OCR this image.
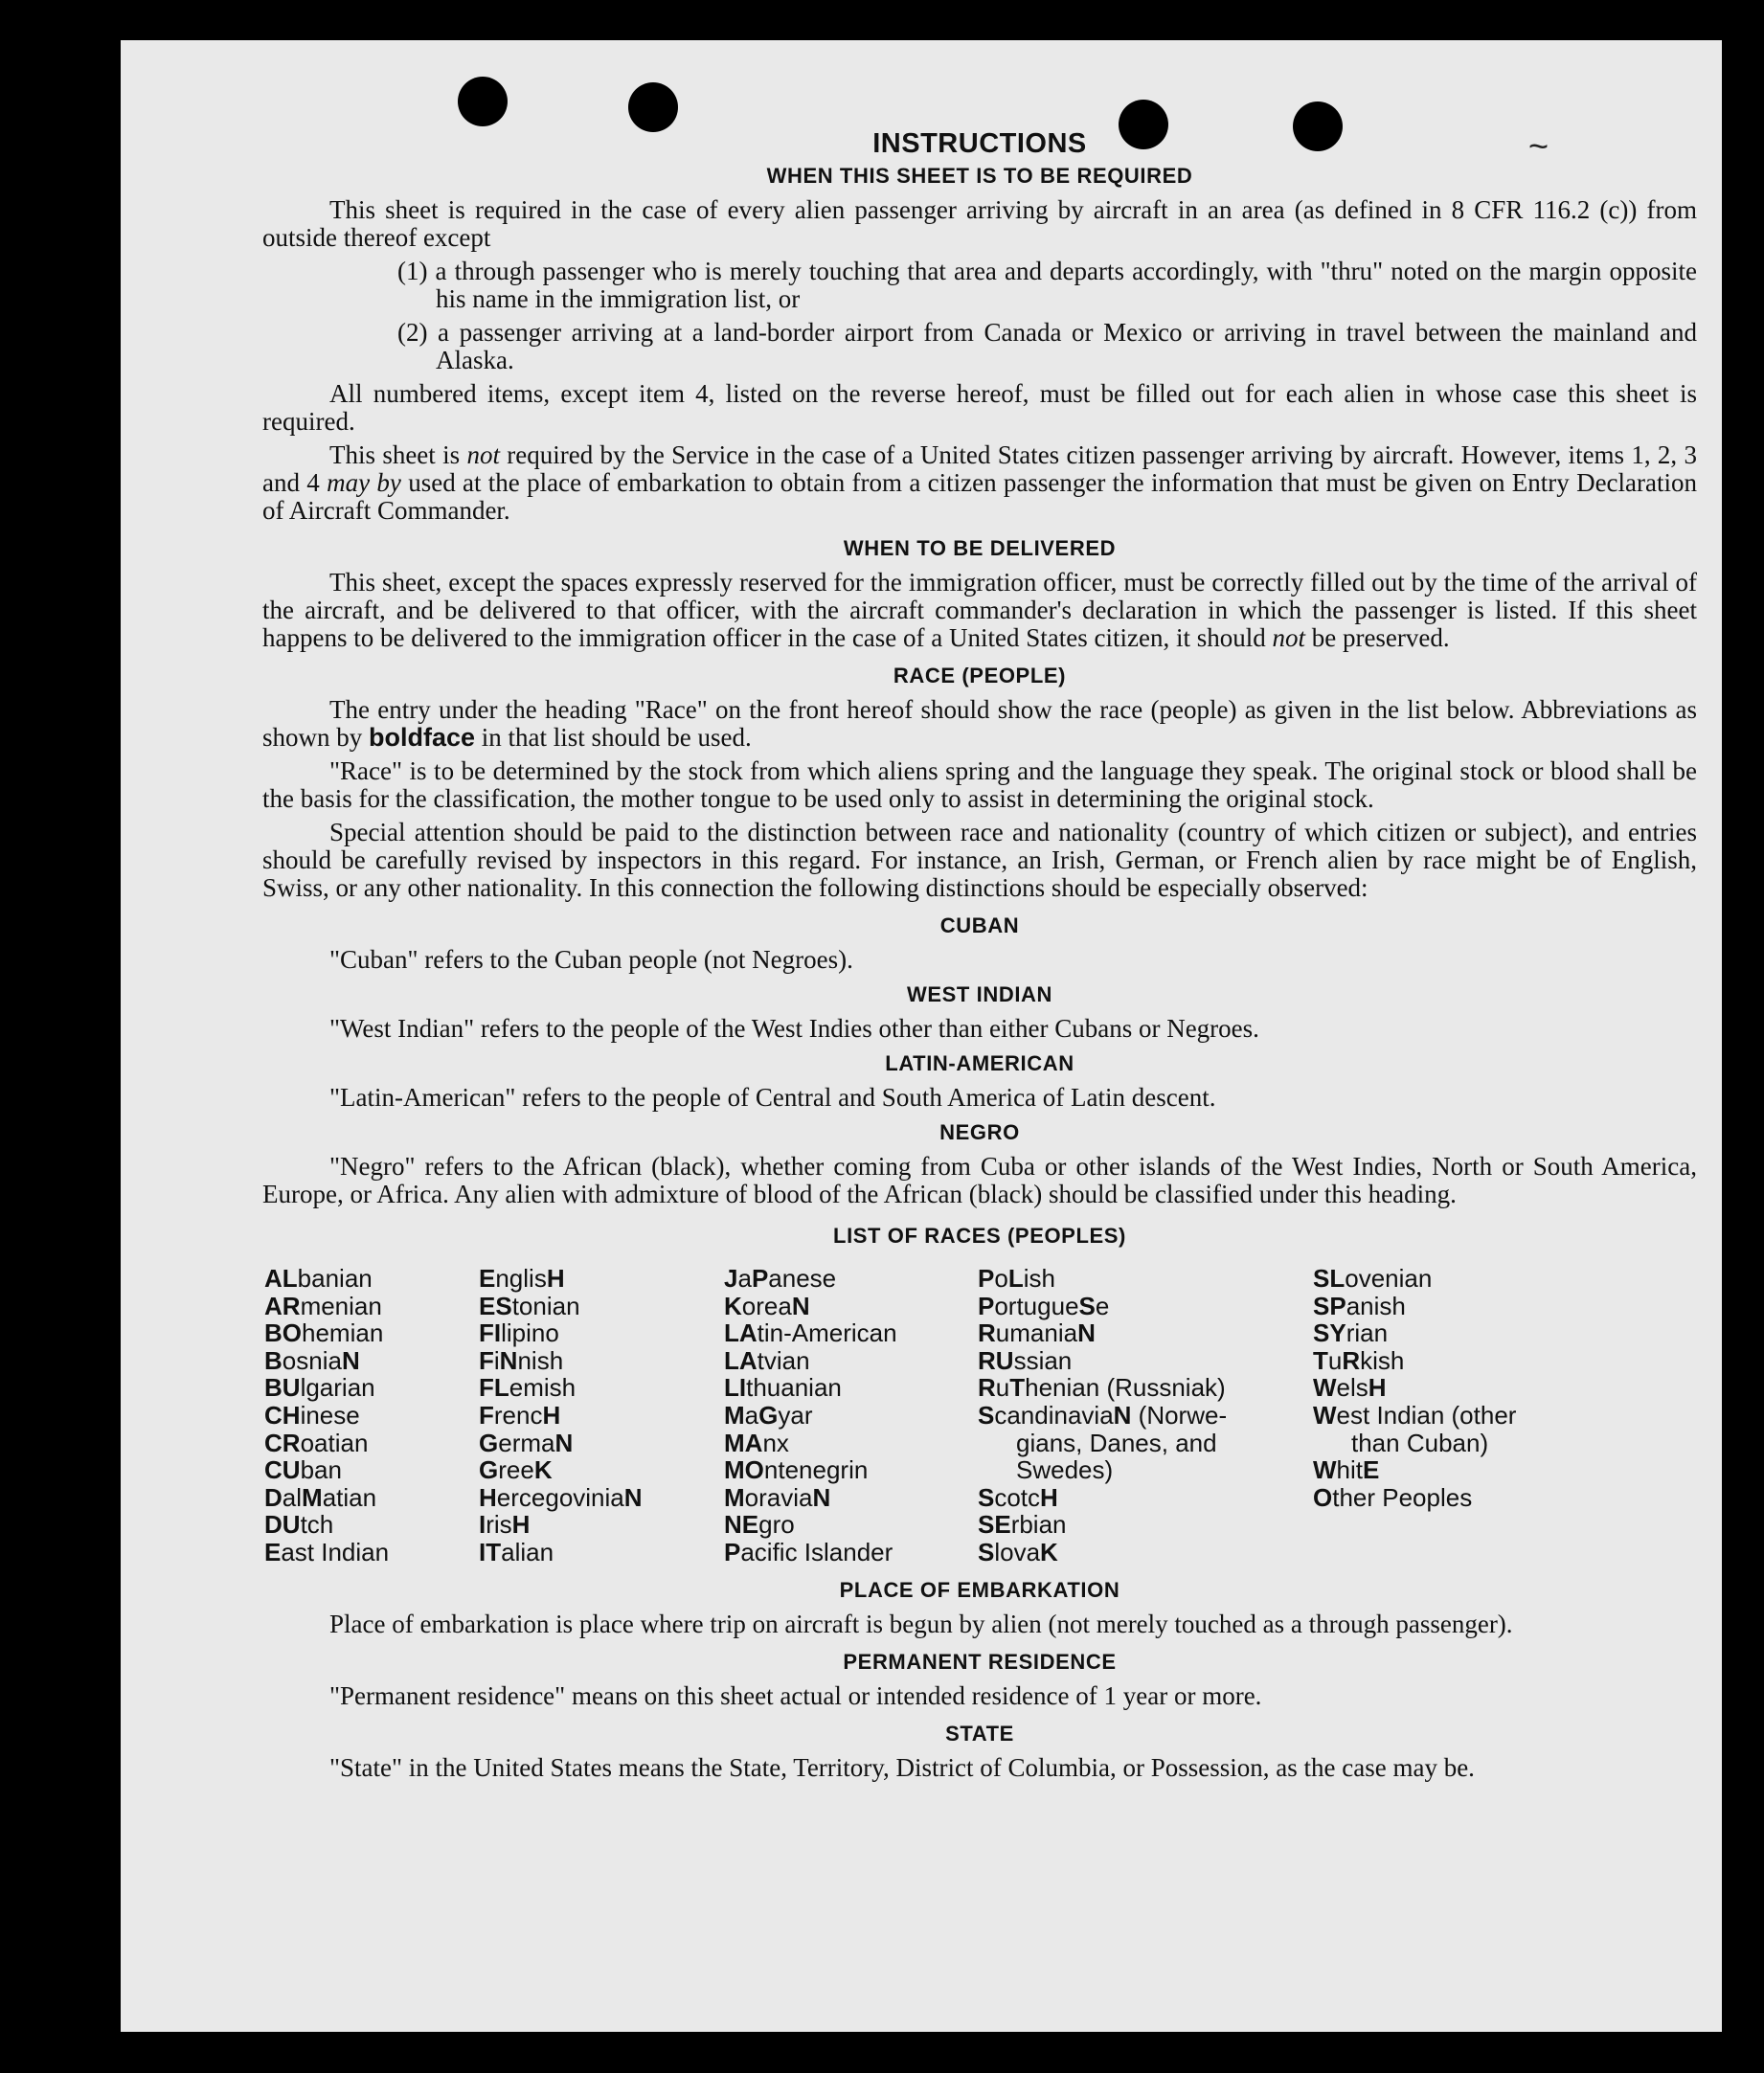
~
INSTRUCTIONS
WHEN THIS SHEET IS TO BE REQUIRED

This sheet is required in the case of every alien passenger arriving by aircraft in an area (as defined in 8 CFR 116.2 (c)) from outside thereof except

(1) a through passenger who is merely touching that area and departs accordingly, with "thru" noted on the margin opposite his name in the immigration list, or

(2) a passenger arriving at a land-border airport from Canada or Mexico or arriving in travel between the mainland and Alaska.

All numbered items, except item 4, listed on the reverse hereof, must be filled out for each alien in whose case this sheet is required.

This sheet is not required by the Service in the case of a United States citizen passenger arriving by aircraft. However, items 1, 2, 3 and 4 may by used at the place of embarkation to obtain from a citizen passenger the information that must be given on Entry Declaration of Aircraft Commander.

WHEN TO BE DELIVERED

This sheet, except the spaces expressly reserved for the immigration officer, must be correctly filled out by the time of the arrival of the aircraft, and be delivered to that officer, with the aircraft commander's declaration in which the passenger is listed. If this sheet happens to be delivered to the immigration officer in the case of a United States citizen, it should not be preserved.

RACE (PEOPLE)

The entry under the heading "Race" on the front hereof should show the race (people) as given in the list below. Abbreviations as shown by boldface in that list should be used.

"Race" is to be determined by the stock from which aliens spring and the language they speak. The original stock or blood shall be the basis for the classification, the mother tongue to be used only to assist in determining the original stock.

Special attention should be paid to the distinction between race and nationality (country of which citizen or subject), and entries should be carefully revised by inspectors in this regard. For instance, an Irish, German, or French alien by race might be of English, Swiss, or any other nationality. In this connection the following distinctions should be especially observed:

CUBAN

"Cuban" refers to the Cuban people (not Negroes).

WEST INDIAN

"West Indian" refers to the people of the West Indies other than either Cubans or Negroes.

LATIN-AMERICAN

"Latin-American" refers to the people of Central and South America of Latin descent.

NEGRO

"Negro" refers to the African (black), whether coming from Cuba or other islands of the West Indies, North or South America, Europe, or Africa. Any alien with admixture of blood of the African (black) should be classified under this heading.

LIST OF RACES (PEOPLES)
ALbanian
ARmenian
BOhemian
BosniaN
BUlgarian
CHinese
CRoatian
CUban
DalMatian
DUtch
East Indian
EnglisH
EStonian
FIlipino
FiNnish
FLemish
FrencH
GermaN
GreeK
HercegoviniaN
IrisH
ITalian
JaPanese
KoreaN
LAtin-American
LAtvian
LIthuanian
MaGyar
MAnx
MOntenegrin
MoraviaN
NEgro
Pacific Islander
PoLish
PortugueSe
RumaniaN
RUssian
RuThenian (Russniak)
ScandinaviaN (Norwe-
gians, Danes, and
Swedes)
ScotcH
SErbian
SlovaK
SLovenian
SPanish
SYrian
TuRkish
WelsH
West Indian (other
than Cuban)
WhitE
Other Peoples
PLACE OF EMBARKATION

Place of embarkation is place where trip on aircraft is begun by alien (not merely touched as a through passenger).

PERMANENT RESIDENCE

"Permanent residence" means on this sheet actual or intended residence of 1 year or more.

STATE

"State" in the United States means the State, Territory, District of Columbia, or Possession, as the case may be.
